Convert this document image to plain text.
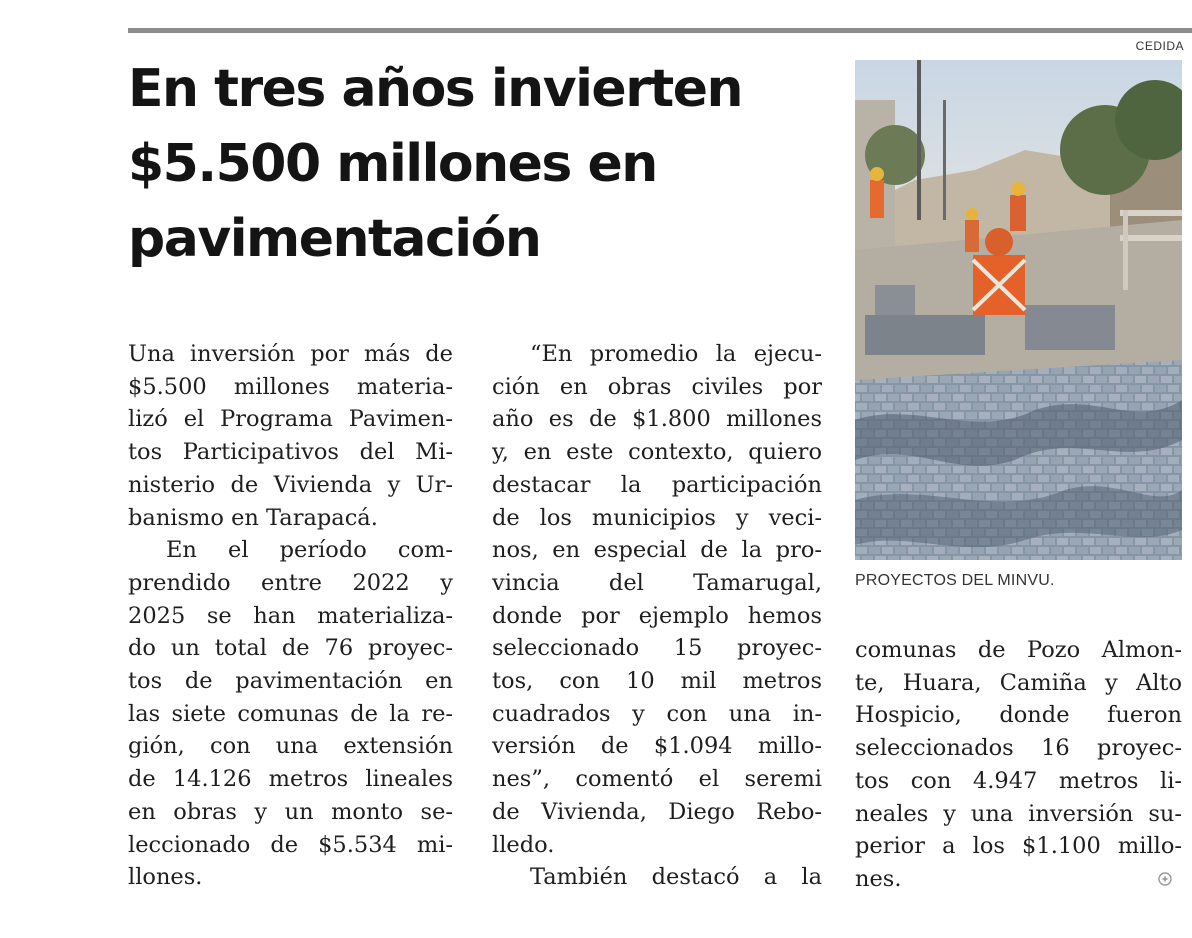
CEDIDA
En tres años invierten
$5.500 millones en
pavimentación
PROYECTOS DEL MINVU.
Una inversión por más de
$5.500 millones materia-
lizó el Programa Pavimen-
tos Participativos del Mi-
nisterio de Vivienda y Ur-
banismo en Tarapacá.
En el período com-
prendido entre 2022 y
2025 se han materializa-
do un total de 76 proyec-
tos de pavimentación en
las siete comunas de la re-
gión, con una extensión
de 14.126 metros lineales
en obras y un monto se-
leccionado de $5.534 mi-
llones.
“En promedio la ejecu-
ción en obras civiles por
año es de $1.800 millones
y, en este contexto, quiero
destacar la participación
de los municipios y veci-
nos, en especial de la pro-
vincia del Tamarugal,
donde por ejemplo hemos
seleccionado 15 proyec-
tos, con 10 mil metros
cuadrados y con una in-
versión de $1.094 millo-
nes”, comentó el seremi
de Vivienda, Diego Rebo-
lledo.
También destacó a la
comunas de Pozo Almon-
te, Huara, Camiña y Alto
Hospicio, donde fueron
seleccionados 16 proyec-
tos con 4.947 metros li-
neales y una inversión su-
perior a los $1.100 millo-
nes.
